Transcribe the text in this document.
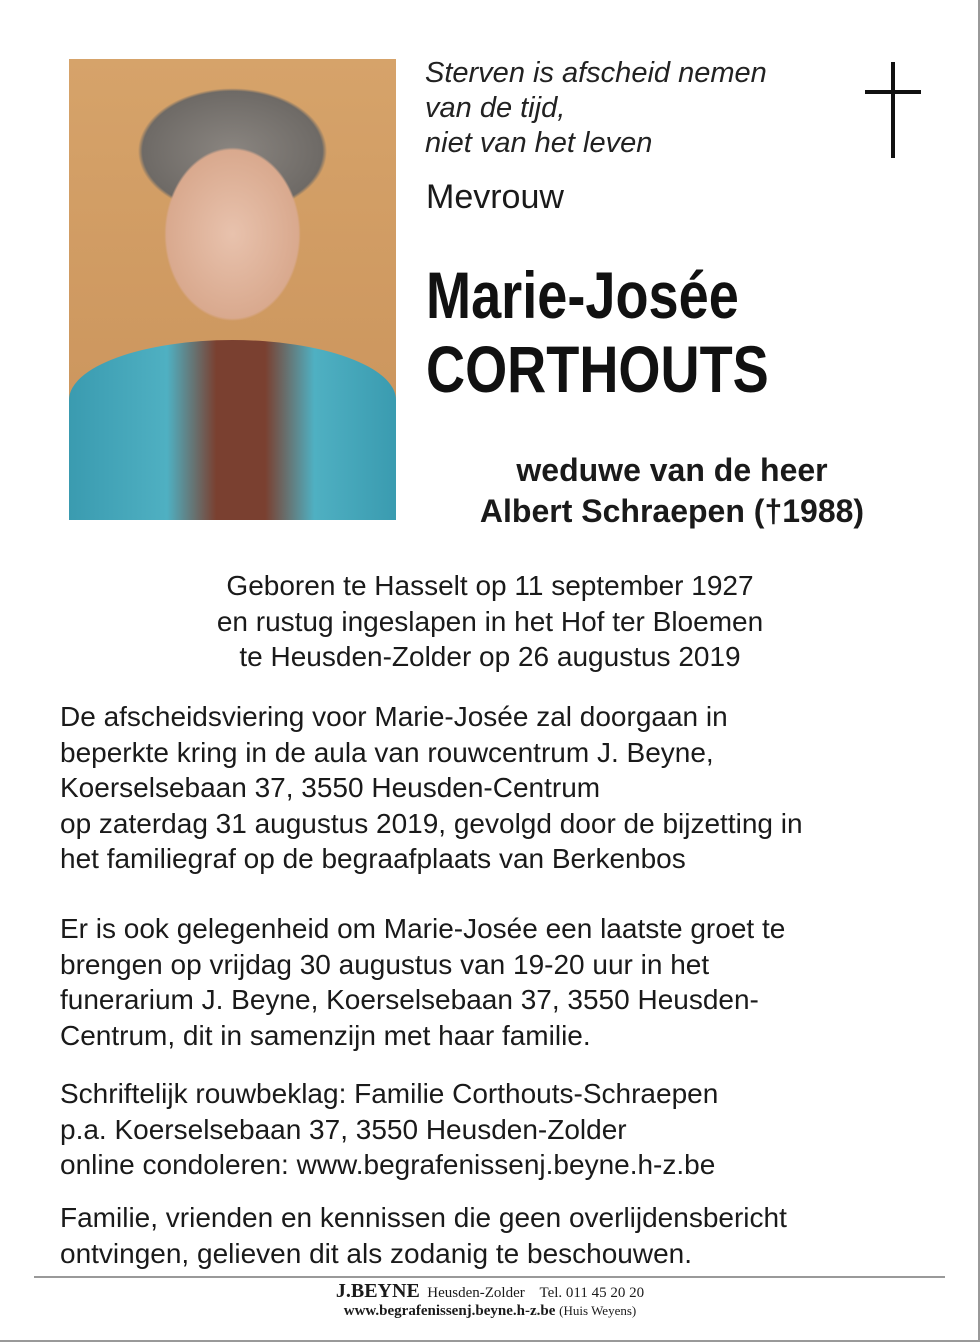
Sterven is afscheid nemen
van de tijd,
niet van het leven
Mevrouw
Marie-Josée
CORTHOUTS
weduwe van de heer
Albert Schraepen (†1988)
Geboren te Hasselt op 11 september 1927
en rustug ingeslapen in het Hof ter Bloemen
te Heusden-Zolder op 26 augustus 2019
De afscheidsviering voor Marie-Josée zal doorgaan in
beperkte kring in de aula van rouwcentrum J. Beyne,
Koerselsebaan 37, 3550 Heusden-Centrum
op zaterdag 31 augustus 2019, gevolgd door de bijzetting in
het familiegraf op de begraafplaats van Berkenbos
Er is ook gelegenheid om Marie-Josée een laatste groet te
brengen op vrijdag 30 augustus van 19-20 uur in het
funerarium J. Beyne, Koerselsebaan 37, 3550 Heusden-
Centrum, dit in samenzijn met haar familie.
Schriftelijk rouwbeklag: Familie Corthouts-Schraepen
p.a. Koerselsebaan 37, 3550 Heusden-Zolder
online condoleren: www.begrafenissenj.beyne.h-z.be
Familie, vrienden en kennissen die geen overlijdensbericht
ontvingen, gelieven dit als zodanig te beschouwen.
J.BEYNE Heusden-Zolder Tel. 011 45 20 20
www.begrafenissenj.beyne.h-z.be (Huis Weyens)
